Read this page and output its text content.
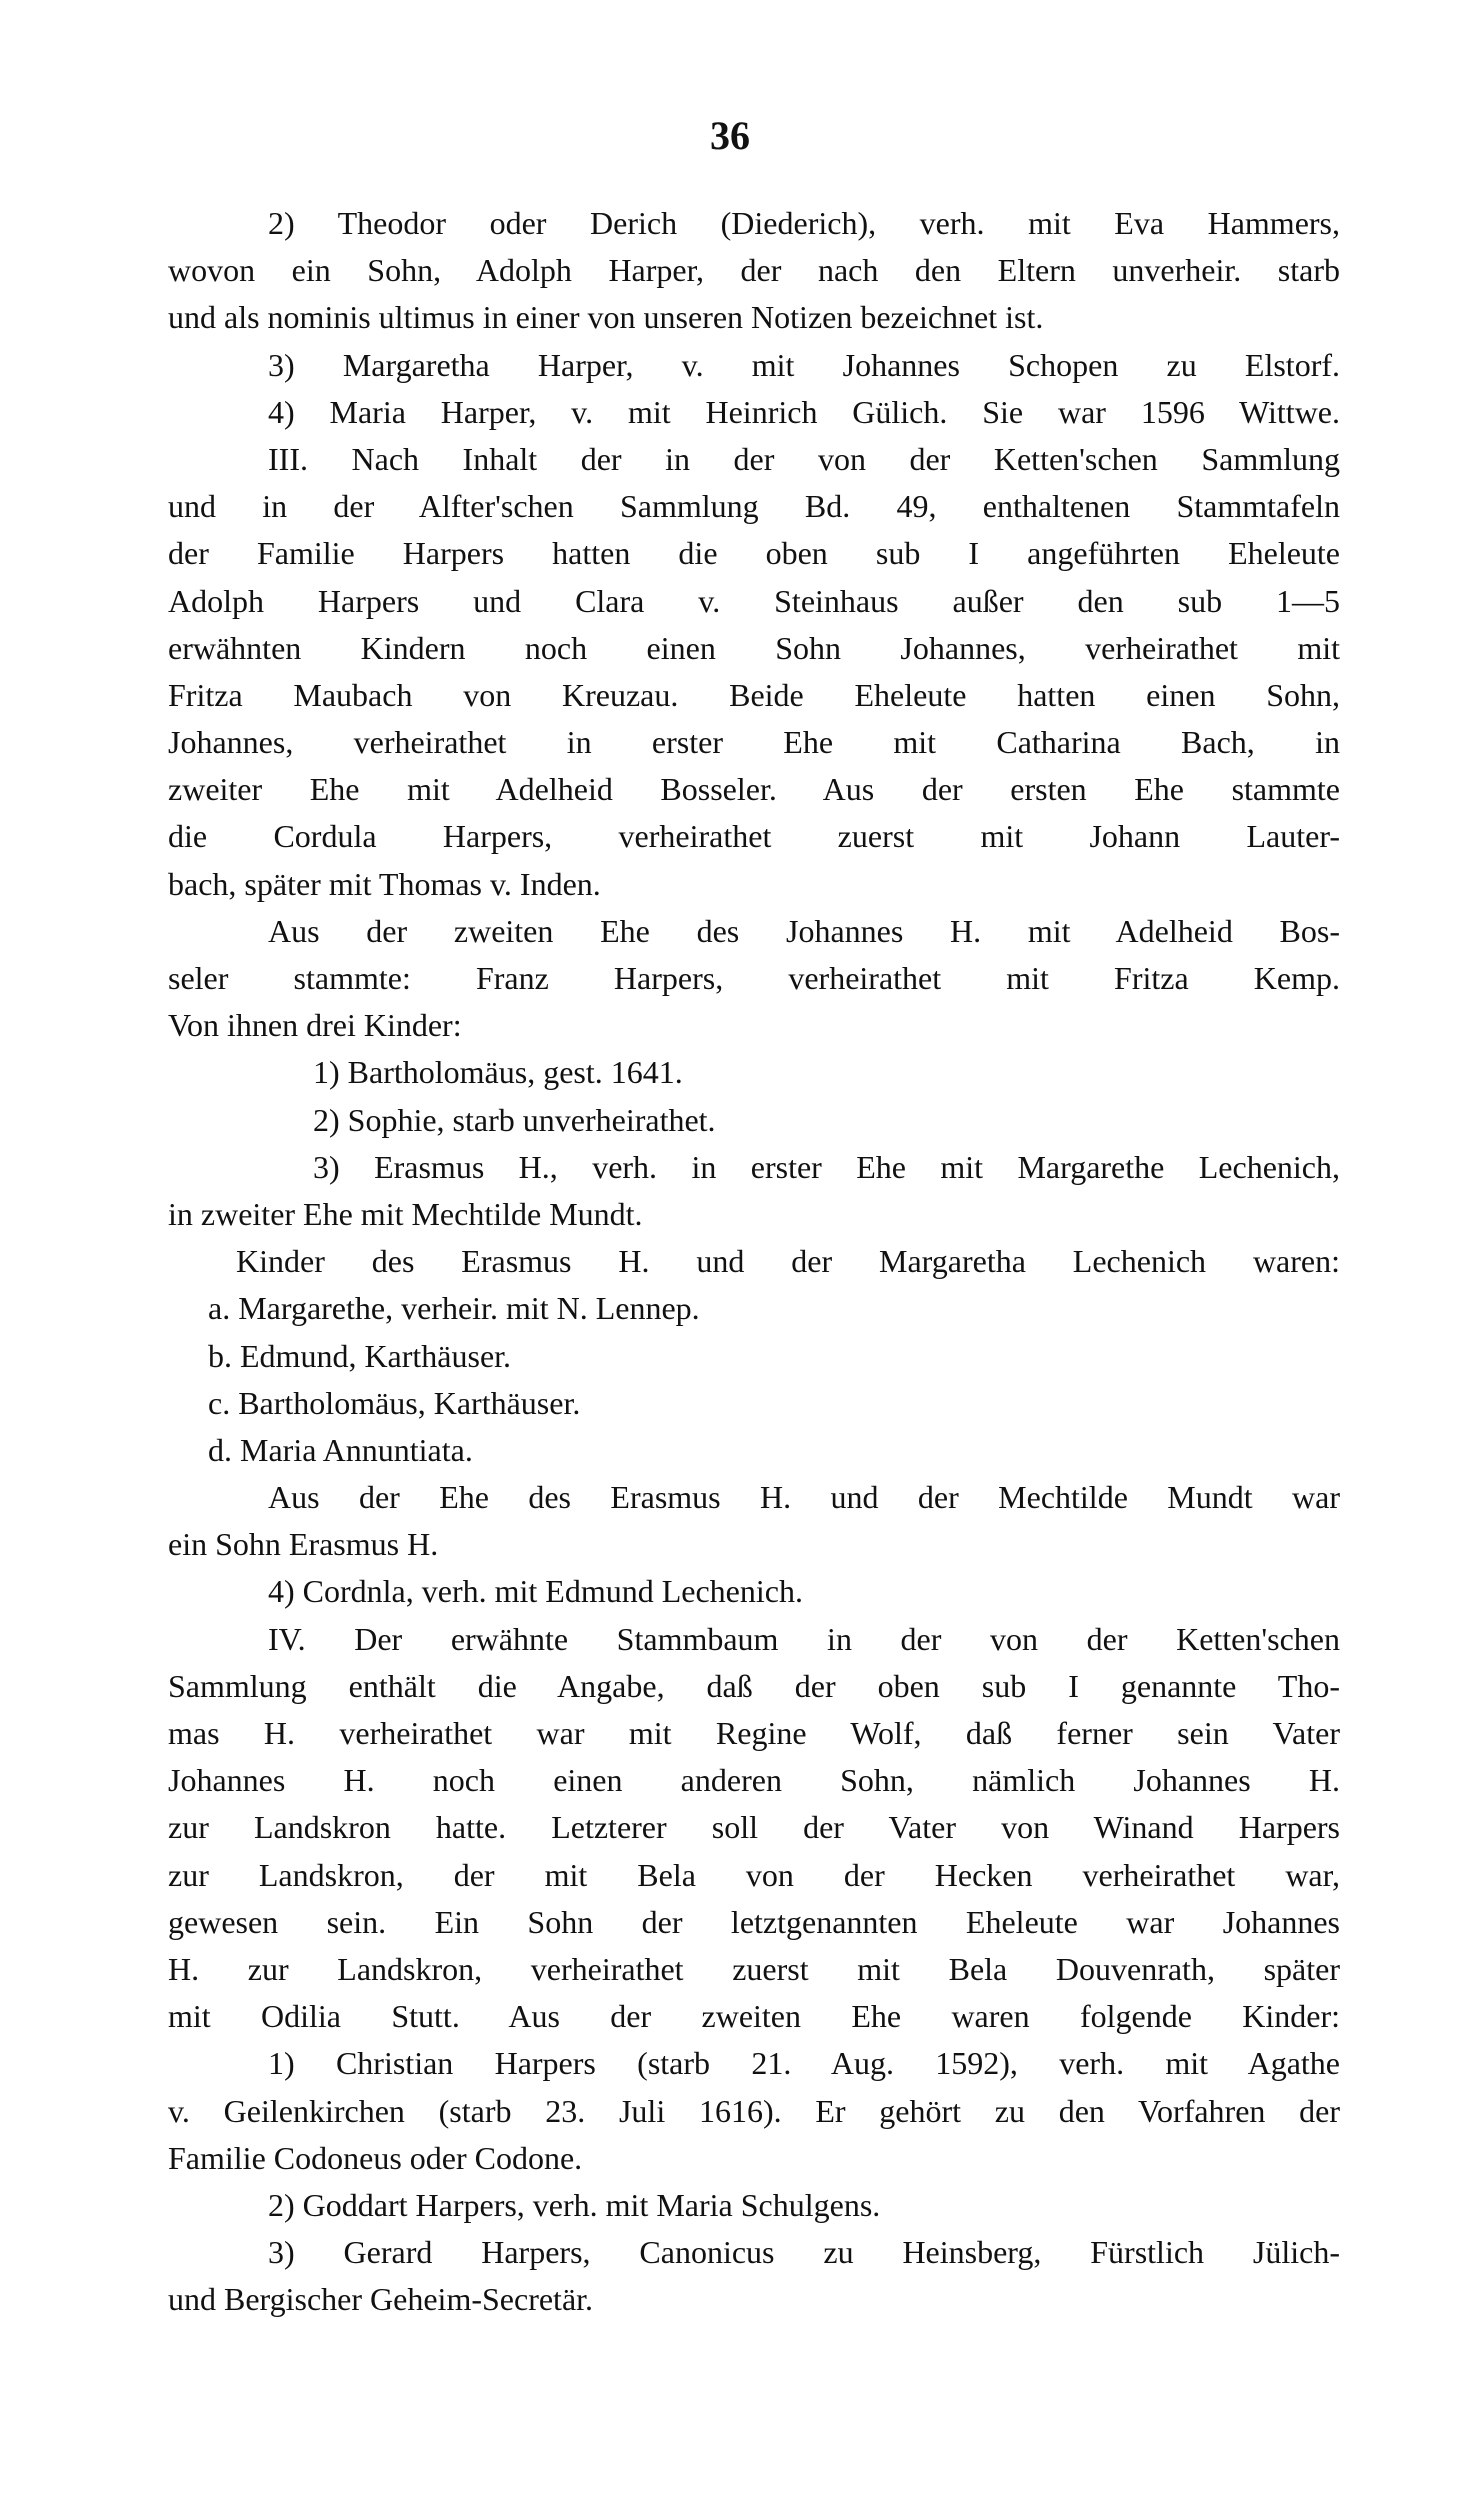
36
2) Theodor oder Derich (Diederich), verh. mit Eva Hammers,
wovon ein Sohn, Adolph Harper, der nach den Eltern unverheir. starb
und als nominis ultimus in einer von unseren Notizen bezeichnet ist.
3) Margaretha Harper, v. mit Johannes Schopen zu Elstorf.
4) Maria Harper, v. mit Heinrich Gülich. Sie war 1596 Wittwe.
III. Nach Inhalt der in der von der Ketten'schen Sammlung
und in der Alfter'schen Sammlung Bd. 49, enthaltenen Stammtafeln
der Familie Harpers hatten die oben sub I angeführten Eheleute
Adolph Harpers und Clara v. Steinhaus außer den sub 1—5
erwähnten Kindern noch einen Sohn Johannes, verheirathet mit
Fritza Maubach von Kreuzau. Beide Eheleute hatten einen Sohn,
Johannes, verheirathet in erster Ehe mit Catharina Bach, in
zweiter Ehe mit Adelheid Bosseler. Aus der ersten Ehe stammte
die Cordula Harpers, verheirathet zuerst mit Johann Lauter-
bach, später mit Thomas v. Inden.
Aus der zweiten Ehe des Johannes H. mit Adelheid Bos-
seler stammte: Franz Harpers, verheirathet mit Fritza Kemp.
Von ihnen drei Kinder:
1) Bartholomäus, gest. 1641.
2) Sophie, starb unverheirathet.
3) Erasmus H., verh. in erster Ehe mit Margarethe Lechenich,
in zweiter Ehe mit Mechtilde Mundt.
Kinder des Erasmus H. und der Margaretha Lechenich waren:
a. Margarethe, verheir. mit N. Lennep.
b. Edmund, Karthäuser.
c. Bartholomäus, Karthäuser.
d. Maria Annuntiata.
Aus der Ehe des Erasmus H. und der Mechtilde Mundt war
ein Sohn Erasmus H.
4) Cordnla, verh. mit Edmund Lechenich.
IV. Der erwähnte Stammbaum in der von der Ketten'schen
Sammlung enthält die Angabe, daß der oben sub I genannte Tho-
mas H. verheirathet war mit Regine Wolf, daß ferner sein Vater
Johannes H. noch einen anderen Sohn, nämlich Johannes H.
zur Landskron hatte. Letzterer soll der Vater von Winand Harpers
zur Landskron, der mit Bela von der Hecken verheirathet war,
gewesen sein. Ein Sohn der letztgenannten Eheleute war Johannes
H. zur Landskron, verheirathet zuerst mit Bela Douvenrath, später
mit Odilia Stutt. Aus der zweiten Ehe waren folgende Kinder:
1) Christian Harpers (starb 21. Aug. 1592), verh. mit Agathe
v. Geilenkirchen (starb 23. Juli 1616). Er gehört zu den Vorfahren der
Familie Codoneus oder Codone.
2) Goddart Harpers, verh. mit Maria Schulgens.
3) Gerard Harpers, Canonicus zu Heinsberg, Fürstlich Jülich-
und Bergischer Geheim-Secretär.
